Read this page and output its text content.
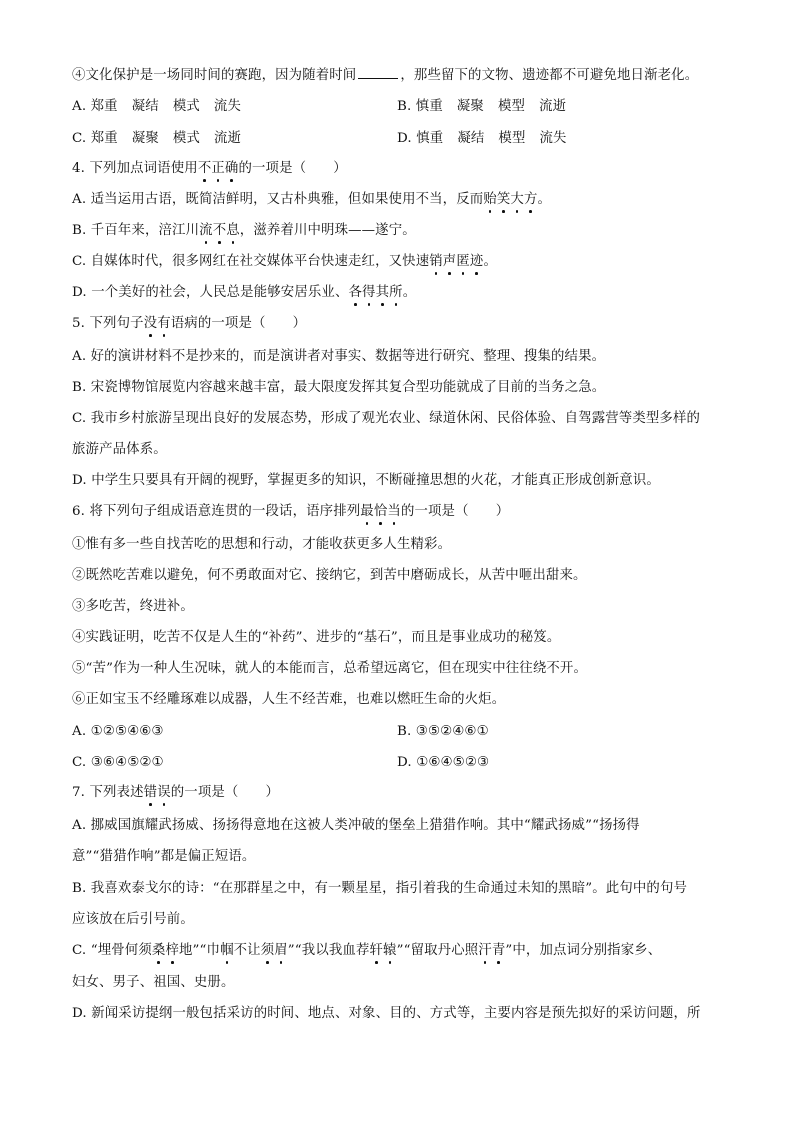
④文化保护是一场同时间的赛跑，因为随着时间	，那些留下的文物、遗迹都不可避免地日渐老化。
A. 郑重 凝结 模式 流失	B. 慎重 凝聚 模型 流逝
C. 郑重 凝聚 模式 流逝	D. 慎重 凝结 模型 流失
4. 下列加点词语使用不正确的一项是（　　）
A. 适当运用古语，既简洁鲜明，又古朴典雅，但如果使用不当，反而贻笑大方。
B. 千百年来，涪江川流不息，滋养着川中明珠——遂宁。
C. 自媒体时代，很多网红在社交媒体平台快速走红，又快速销声匿迹。
D. 一个美好的社会，人民总是能够安居乐业、各得其所。
5. 下列句子没有语病的一项是（　　）
A. 好的演讲材料不是抄来的，而是演讲者对事实、数据等进行研究、整理、搜集的结果。
B. 宋瓷博物馆展览内容越来越丰富，最大限度发挥其复合型功能就成了目前的当务之急。
C. 我市乡村旅游呈现出良好的发展态势，形成了观光农业、绿道休闲、民俗体验、自驾露营等类型多样的
旅游产品体系。
D. 中学生只要具有开阔的视野，掌握更多的知识，不断碰撞思想的火花，才能真正形成创新意识。
6. 将下列句子组成语意连贯的一段话，语序排列最恰当的一项是（　　）
①惟有多一些自找苦吃的思想和行动，才能收获更多人生精彩。
②既然吃苦难以避免，何不勇敢面对它、接纳它，到苦中磨砺成长，从苦中咂出甜来。
③多吃苦，终进补。
④实践证明，吃苦不仅是人生的“补药”、进步的“基石”，而且是事业成功的秘笈。
⑤“苦”作为一种人生况味，就人的本能而言，总希望远离它，但在现实中往往绕不开。
⑥正如宝玉不经雕琢难以成器，人生不经苦难，也难以燃旺生命的火炬。
A. ①②⑤④⑥③	B. ③⑤②④⑥①
C. ③⑥④⑤②①	D. ①⑥④⑤②③
7. 下列表述错误的一项是（　　）
A. 挪威国旗耀武扬威、扬扬得意地在这被人类冲破的堡垒上猎猎作响。其中“耀武扬威”“扬扬得
意”“猎猎作响”都是偏正短语。
B. 我喜欢泰戈尔的诗：“在那群星之中，有一颗星星，指引着我的生命通过未知的黑暗”。此句中的句号
应该放在后引号前。
C. “埋骨何须桑梓地”“巾帼不让须眉”“我以我血荐轩辕”“留取丹心照汗青”中，加点词分别指家乡、
妇女、男子、祖国、史册。
D. 新闻采访提纲一般包括采访的时间、地点、对象、目的、方式等，主要内容是预先拟好的采访问题，所
